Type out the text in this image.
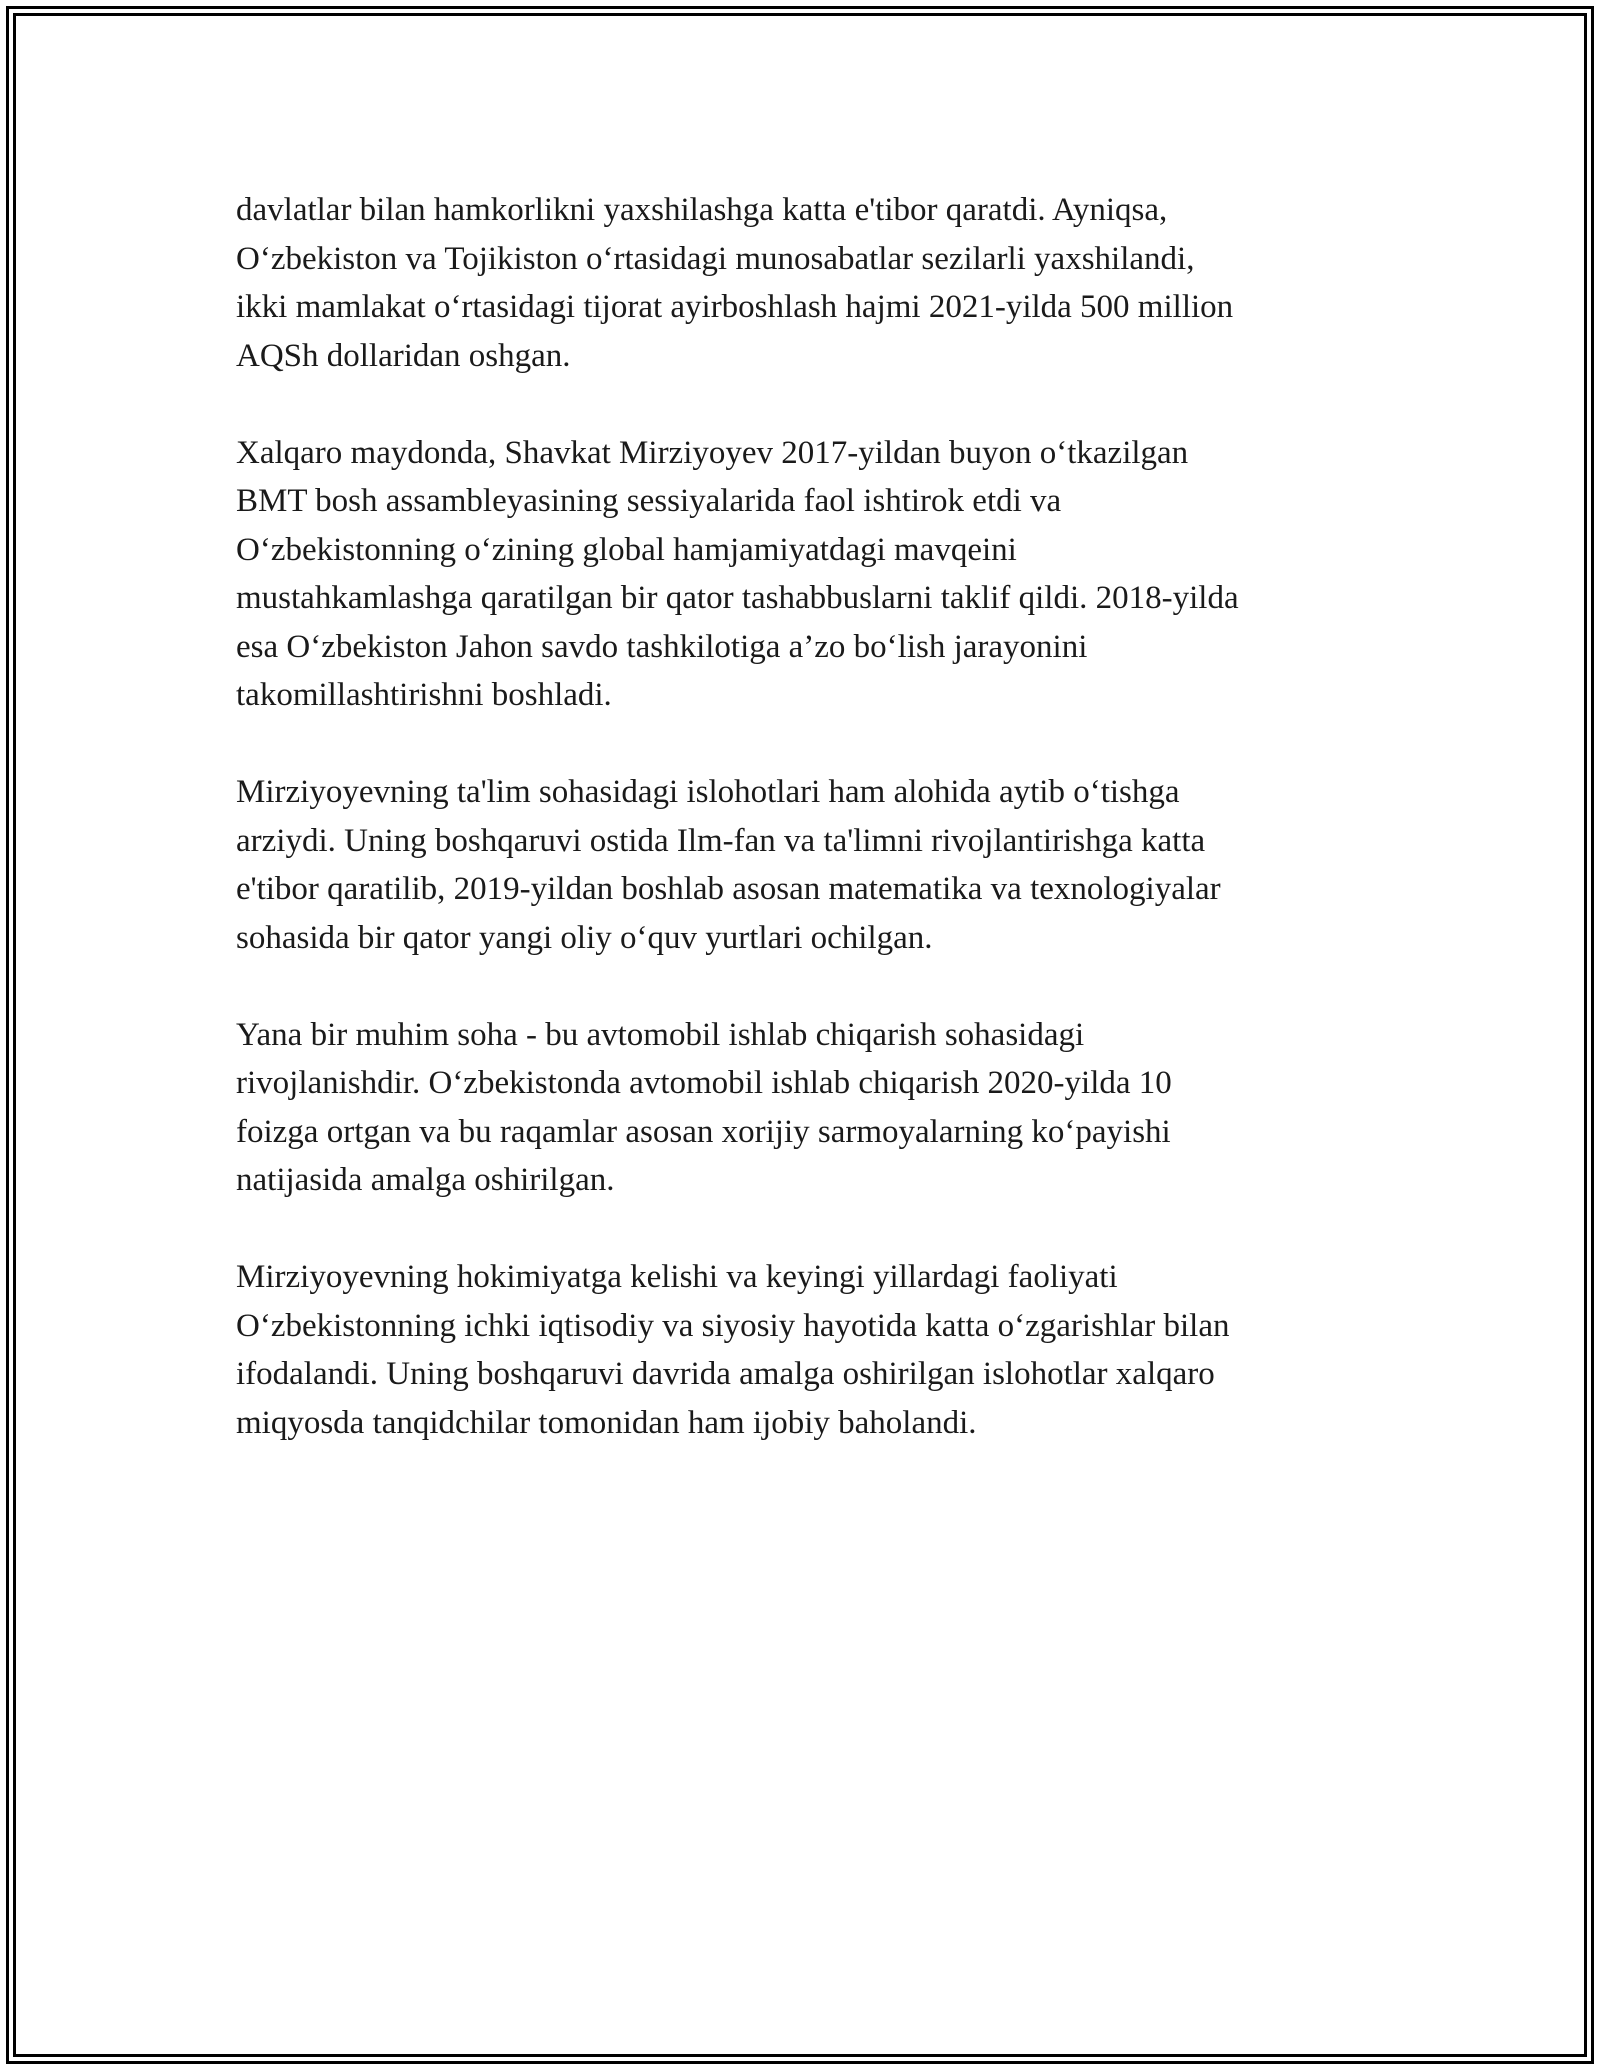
davlatlar bilan hamkorlikni yaxshilashga katta e'tibor qaratdi. Ayniqsa,
O‘zbekiston va Tojikiston o‘rtasidagi munosabatlar sezilarli yaxshilandi,
ikki mamlakat o‘rtasidagi tijorat ayirboshlash hajmi 2021-yilda 500 million
AQSh dollaridan oshgan.

Xalqaro maydonda, Shavkat Mirziyoyev 2017-yildan buyon o‘tkazilgan
BMT bosh assambleyasining sessiyalarida faol ishtirok etdi va
O‘zbekistonning o‘zining global hamjamiyatdagi mavqeini
mustahkamlashga qaratilgan bir qator tashabbuslarni taklif qildi. 2018-yilda
esa O‘zbekiston Jahon savdo tashkilotiga a’zo bo‘lish jarayonini
takomillashtirishni boshladi.

Mirziyoyevning ta'lim sohasidagi islohotlari ham alohida aytib o‘tishga
arziydi. Uning boshqaruvi ostida Ilm-fan va ta'limni rivojlantirishga katta
e'tibor qaratilib, 2019-yildan boshlab asosan matematika va texnologiyalar
sohasida bir qator yangi oliy o‘quv yurtlari ochilgan.

Yana bir muhim soha - bu avtomobil ishlab chiqarish sohasidagi
rivojlanishdir. O‘zbekistonda avtomobil ishlab chiqarish 2020-yilda 10
foizga ortgan va bu raqamlar asosan xorijiy sarmoyalarning ko‘payishi
natijasida amalga oshirilgan.

Mirziyoyevning hokimiyatga kelishi va keyingi yillardagi faoliyati
O‘zbekistonning ichki iqtisodiy va siyosiy hayotida katta o‘zgarishlar bilan
ifodalandi. Uning boshqaruvi davrida amalga oshirilgan islohotlar xalqaro
miqyosda tanqidchilar tomonidan ham ijobiy baholandi.
